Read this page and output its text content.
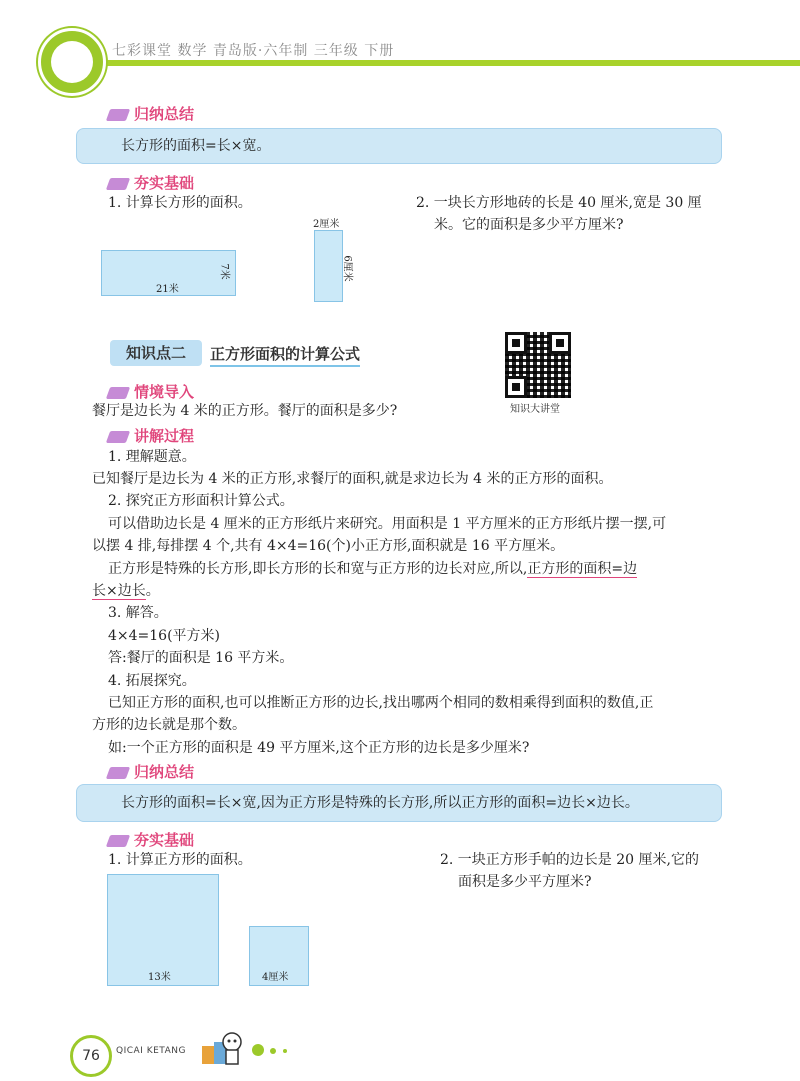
七彩课堂 数学 青岛版·六年制 三年级 下册
归纳总结
长方形的面积=长×宽。
夯实基础
1. 计算长方形的面积。	2. 一块长方形地砖的长是 40 厘米,宽是 30 厘
米。它的面积是多少平方厘米?
21米
7米
2厘米
6厘米
知识点二	正方形面积的计算公式
知识大讲堂
情境导入
餐厅是边长为 4 米的正方形。餐厅的面积是多少?
讲解过程
1. 理解题意。
已知餐厅是边长为 4 米的正方形,求餐厅的面积,就是求边长为 4 米的正方形的面积。
2. 探究正方形面积计算公式。
可以借助边长是 4 厘米的正方形纸片来研究。用面积是 1 平方厘米的正方形纸片摆一摆,可
以摆 4 排,每排摆 4 个,共有 4×4=16(个)小正方形,面积就是 16 平方厘米。
正方形是特殊的长方形,即长方形的长和宽与正方形的边长对应,所以,正方形的面积=边
长×边长。
3. 解答。
4×4=16(平方米)
答:餐厅的面积是 16 平方米。
4. 拓展探究。
已知正方形的面积,也可以推断正方形的边长,找出哪两个相同的数相乘得到面积的数值,正
方形的边长就是那个数。
如:一个正方形的面积是 49 平方厘米,这个正方形的边长是多少厘米?
归纳总结
长方形的面积=长×宽,因为正方形是特殊的长方形,所以正方形的面积=边长×边长。
夯实基础
1. 计算正方形的面积。	2. 一块正方形手帕的边长是 20 厘米,它的
面积是多少平方厘米?
13米	4厘米
76	QICAI KETANG
